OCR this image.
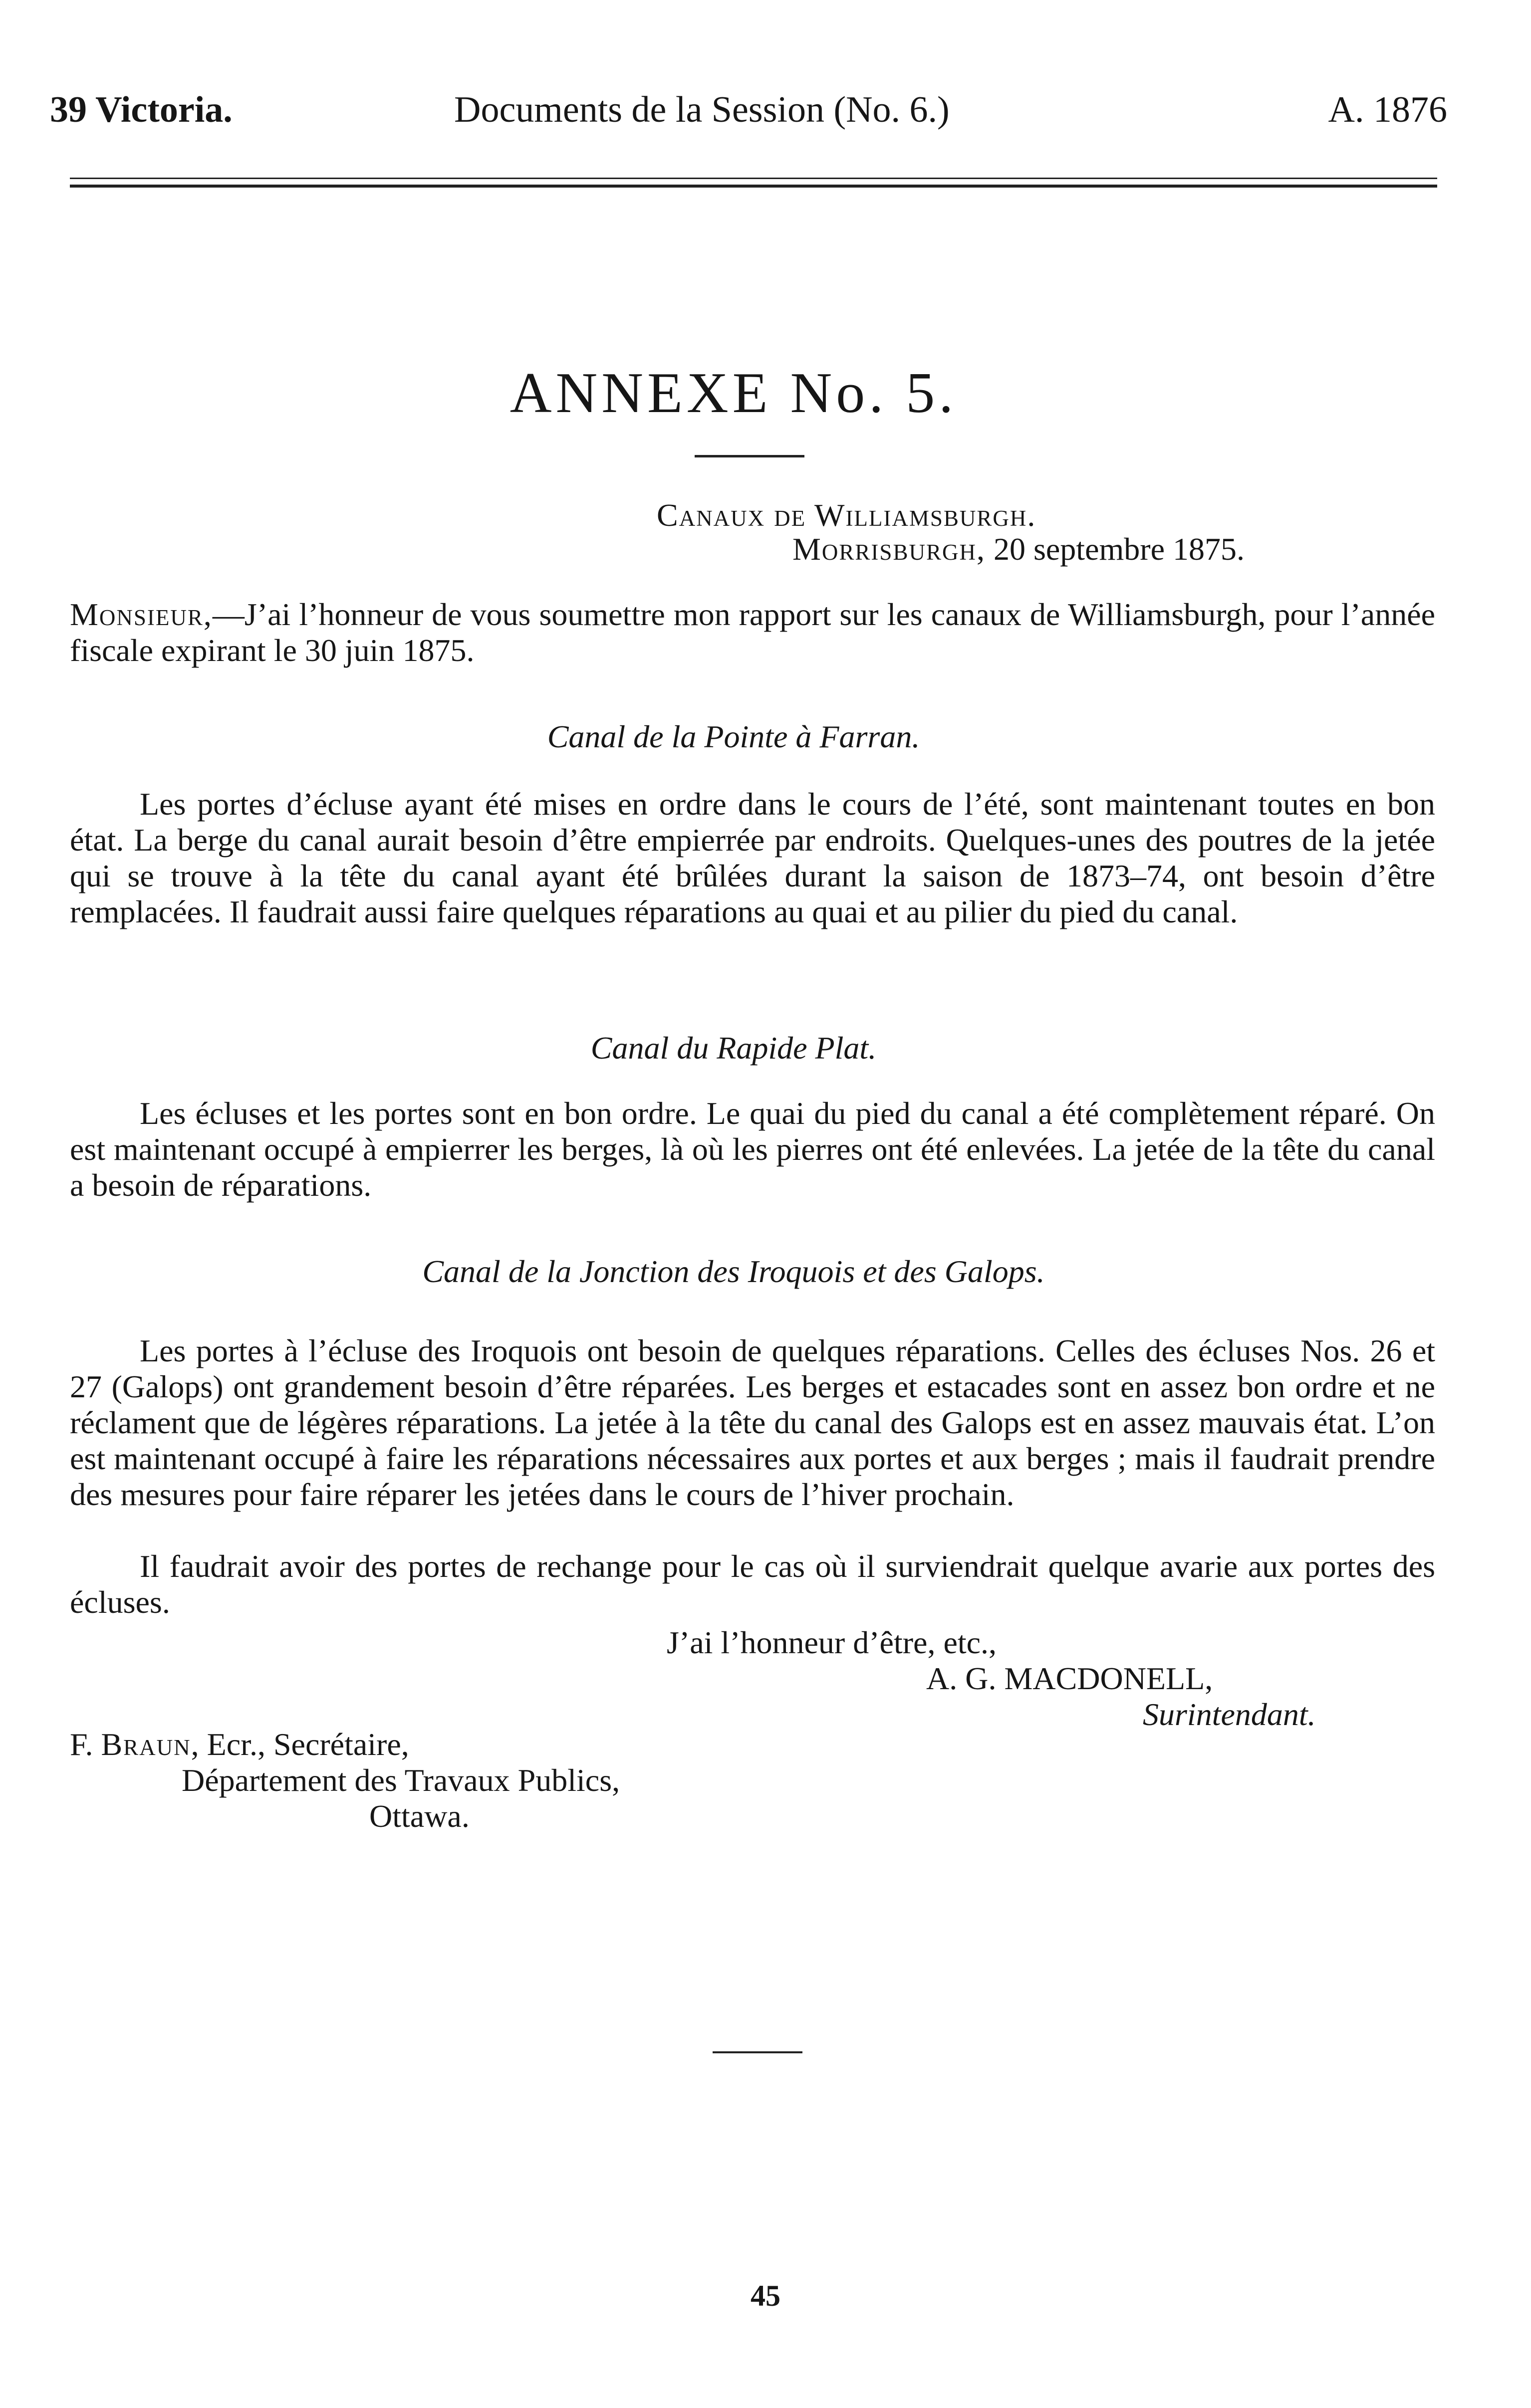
39 Victoria.	Documents de la Session (No. 6.)	A. 1876
ANNEXE No. 5.
Canaux de Williamsburgh.
Morrisburgh, 20 septembre 1875.
Monsieur,—J’ai l’honneur de vous soumettre mon rapport sur les canaux de Williamsburgh, pour l’année fiscale expirant le 30 juin 1875.
Canal de la Pointe à Farran.
Les portes d’écluse ayant été mises en ordre dans le cours de l’été, sont maintenant toutes en bon état. La berge du canal aurait besoin d’être empierrée par endroits. Quelques-unes des poutres de la jetée qui se trouve à la tête du canal ayant été brûlées durant la saison de 1873–74, ont besoin d’être remplacées. Il faudrait aussi faire quelques réparations au quai et au pilier du pied du canal.
Canal du Rapide Plat.
Les écluses et les portes sont en bon ordre. Le quai du pied du canal a été complètement réparé. On est maintenant occupé à empierrer les berges, là où les pierres ont été enlevées. La jetée de la tête du canal a besoin de réparations.
Canal de la Jonction des Iroquois et des Galops.
Les portes à l’écluse des Iroquois ont besoin de quelques réparations. Celles des écluses Nos. 26 et 27 (Galops) ont grandement besoin d’être réparées. Les berges et estacades sont en assez bon ordre et ne réclament que de légères réparations. La jetée à la tête du canal des Galops est en assez mauvais état. L’on est maintenant occupé à faire les réparations nécessaires aux portes et aux berges ; mais il faudrait prendre des mesures pour faire réparer les jetées dans le cours de l’hiver prochain.
Il faudrait avoir des portes de rechange pour le cas où il surviendrait quelque avarie aux portes des écluses.
J’ai l’honneur d’être, etc.,
A. G. MACDONELL,
Surintendant.
F. Braun, Ecr., Secrétaire,
Département des Travaux Publics,
Ottawa.
45
